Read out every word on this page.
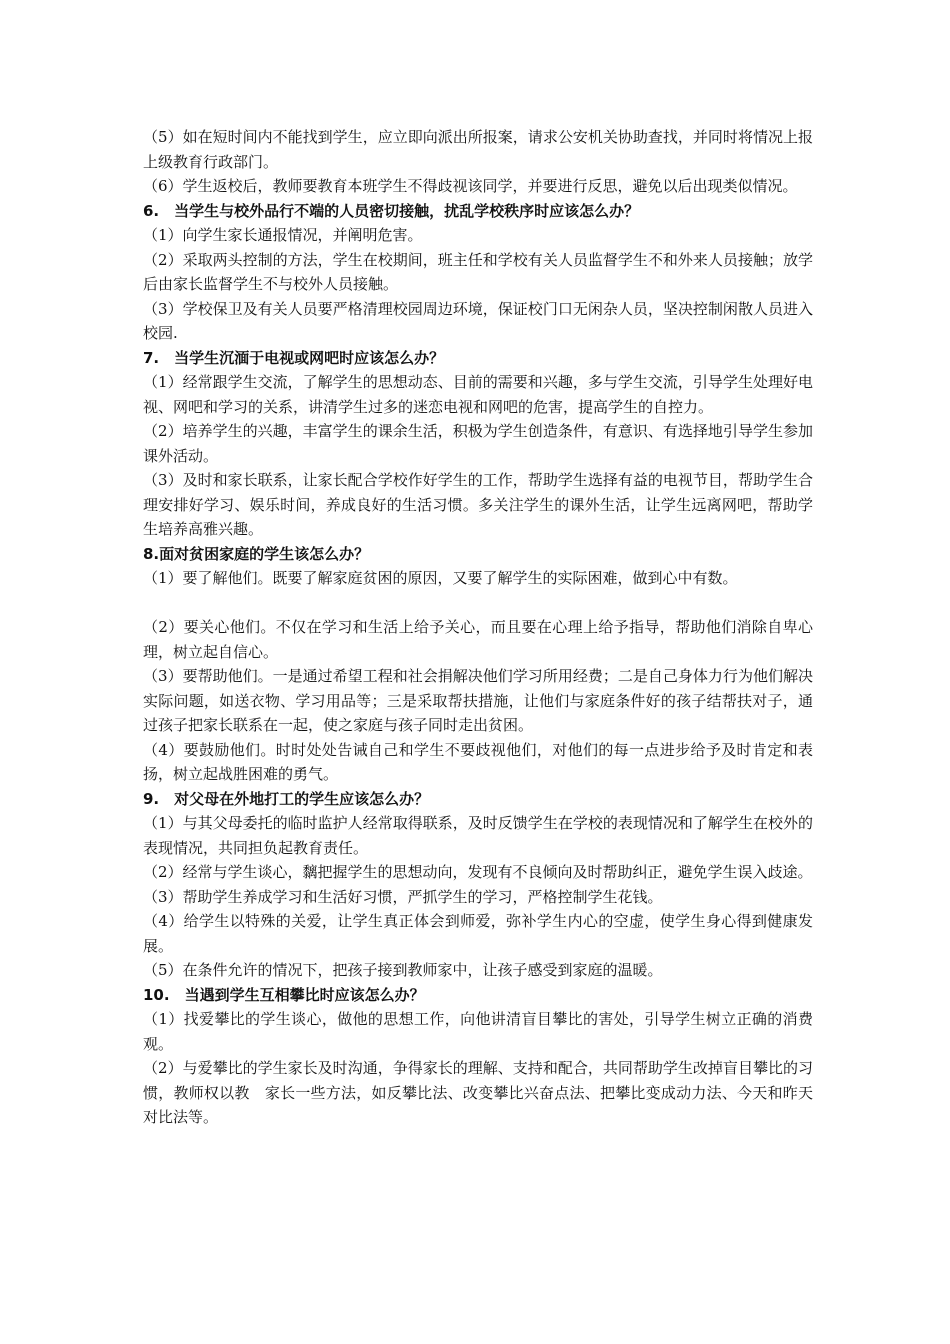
（5）如在短时间内不能找到学生，应立即向派出所报案，请求公安机关协助查找，并同时将情况上报上级教育行政部门。

（6）学生返校后，教师要教育本班学生不得歧视该同学，并要进行反思，避免以后出现类似情况。

6.　当学生与校外品行不端的人员密切接触，扰乱学校秩序时应该怎么办？

（1）向学生家长通报情况，并阐明危害。

（2）采取两头控制的方法，学生在校期间，班主任和学校有关人员监督学生不和外来人员接触；放学后由家长监督学生不与校外人员接触。

（3）学校保卫及有关人员要严格清理校园周边环境，保证校门口无闲杂人员，坚决控制闲散人员进入校园.

7.　当学生沉湎于电视或网吧时应该怎么办？

（1）经常跟学生交流，了解学生的思想动态、目前的需要和兴趣，多与学生交流，引导学生处理好电视、网吧和学习的关系，讲清学生过多的迷恋电视和网吧的危害，提高学生的自控力。

（2）培养学生的兴趣，丰富学生的课余生活，积极为学生创造条件，有意识、有选择地引导学生参加课外活动。

（3）及时和家长联系，让家长配合学校作好学生的工作，帮助学生选择有益的电视节目，帮助学生合理安排好学习、娱乐时间，养成良好的生活习惯。多关注学生的课外生活，让学生远离网吧，帮助学生培养高雅兴趣。

8.面对贫困家庭的学生该怎么办？

（1）要了解他们。既要了解家庭贫困的原因，又要了解学生的实际困难，做到心中有数。

（2）要关心他们。不仅在学习和生活上给予关心，而且要在心理上给予指导，帮助他们消除自卑心理，树立起自信心。

（3）要帮助他们。一是通过希望工程和社会捐解决他们学习所用经费；二是自己身体力行为他们解决实际问题，如送衣物、学习用品等；三是采取帮扶措施，让他们与家庭条件好的孩子结帮扶对子，通过孩子把家长联系在一起，使之家庭与孩子同时走出贫困。

（4）要鼓励他们。时时处处告诫自己和学生不要歧视他们，对他们的每一点进步给予及时肯定和表扬，树立起战胜困难的勇气。

9.　对父母在外地打工的学生应该怎么办？

（1）与其父母委托的临时监护人经常取得联系，及时反馈学生在学校的表现情况和了解学生在校外的表现情况，共同担负起教育责任。

（2）经常与学生谈心，黐把握学生的思想动向，发现有不良倾向及时帮助纠正，避免学生误入歧途。

（3）帮助学生养成学习和生活好习惯，严抓学生的学习，严格控制学生花钱。

（4）给学生以特殊的关爱，让学生真正体会到师爱，弥补学生内心的空虚，使学生身心得到健康发展。

（5）在条件允许的情况下，把孩子接到教师家中，让孩子感受到家庭的温暖。

10.　当遇到学生互相攀比时应该怎么办？

（1）找爱攀比的学生谈心，做他的思想工作，向他讲清盲目攀比的害处，引导学生树立正确的消费观。

（2）与爱攀比的学生家长及时沟通，争得家长的理解、支持和配合，共同帮助学生改掉盲目攀比的习惯，教师权以教　家长一些方法，如反攀比法、改变攀比兴奋点法、把攀比变成动力法、今天和昨天对比法等。
